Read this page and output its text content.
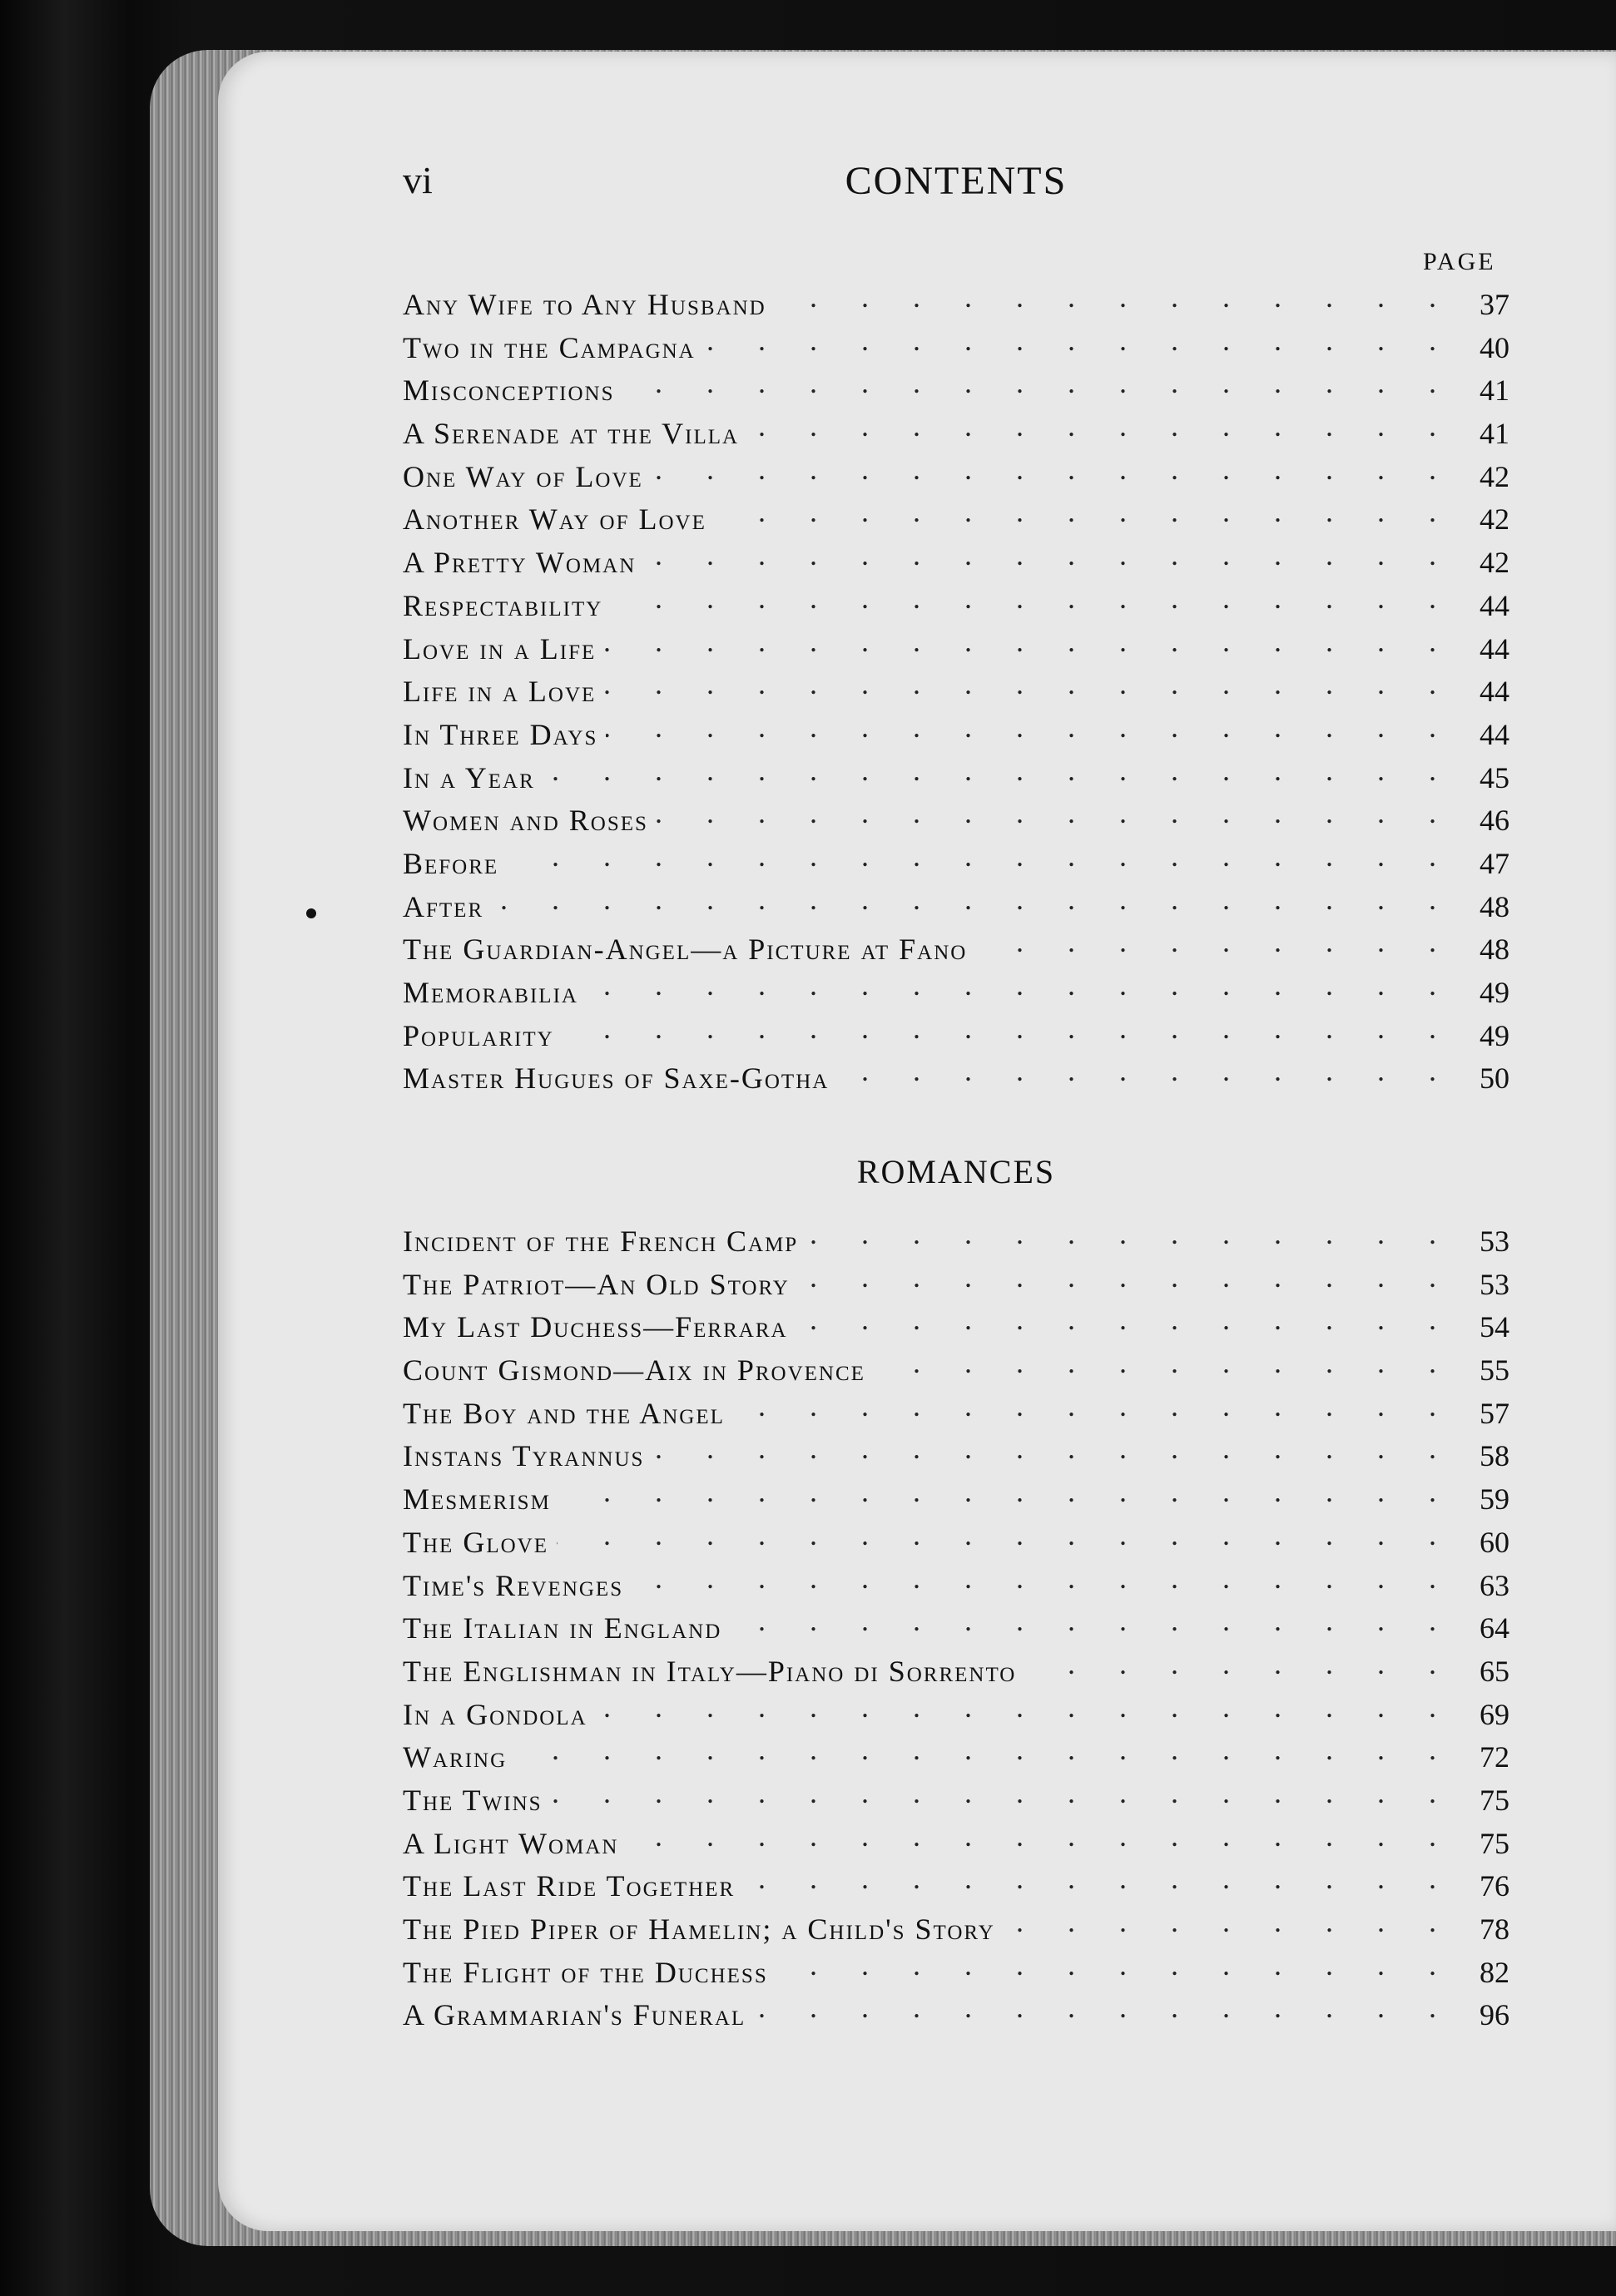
vi	CONTENTS
PAGE
Any Wife to Any Husband . . .	37
Two in the Campagna . . .	40
Misconceptions . . .	41
A Serenade at the Villa . . .	41
One Way of Love . . .	42
Another Way of Love . . .	42
A Pretty Woman . . .	42
Respectability . . .	44
Love in a Life . . .	44
Life in a Love . . .	44
In Three Days . . .	44
In a Year . . .	45
Women and Roses . . .	46
Before . . .	47
After . . .	48
The Guardian-Angel—a Picture at Fano . . .	48
Memorabilia . . .	49
Popularity . . .	49
Master Hugues of Saxe-Gotha . . .	50
ROMANCES
Incident of the French Camp . . .	53
The Patriot—An Old Story . . .	53
My Last Duchess—Ferrara . . .	54
Count Gismond—Aix in Provence . . .	55
The Boy and the Angel . . .	57
Instans Tyrannus . . .	58
Mesmerism . . .	59
The Glove . . .	60
Time's Revenges . . .	63
The Italian in England . . .	64
The Englishman in Italy—Piano di Sorrento . . .	65
In a Gondola . . .	69
Waring . . .	72
The Twins . . .	75
A Light Woman . . .	75
The Last Ride Together . . .	76
The Pied Piper of Hamelin; a Child's Story . . .	78
The Flight of the Duchess . . .	82
A Grammarian's Funeral . . .	96
